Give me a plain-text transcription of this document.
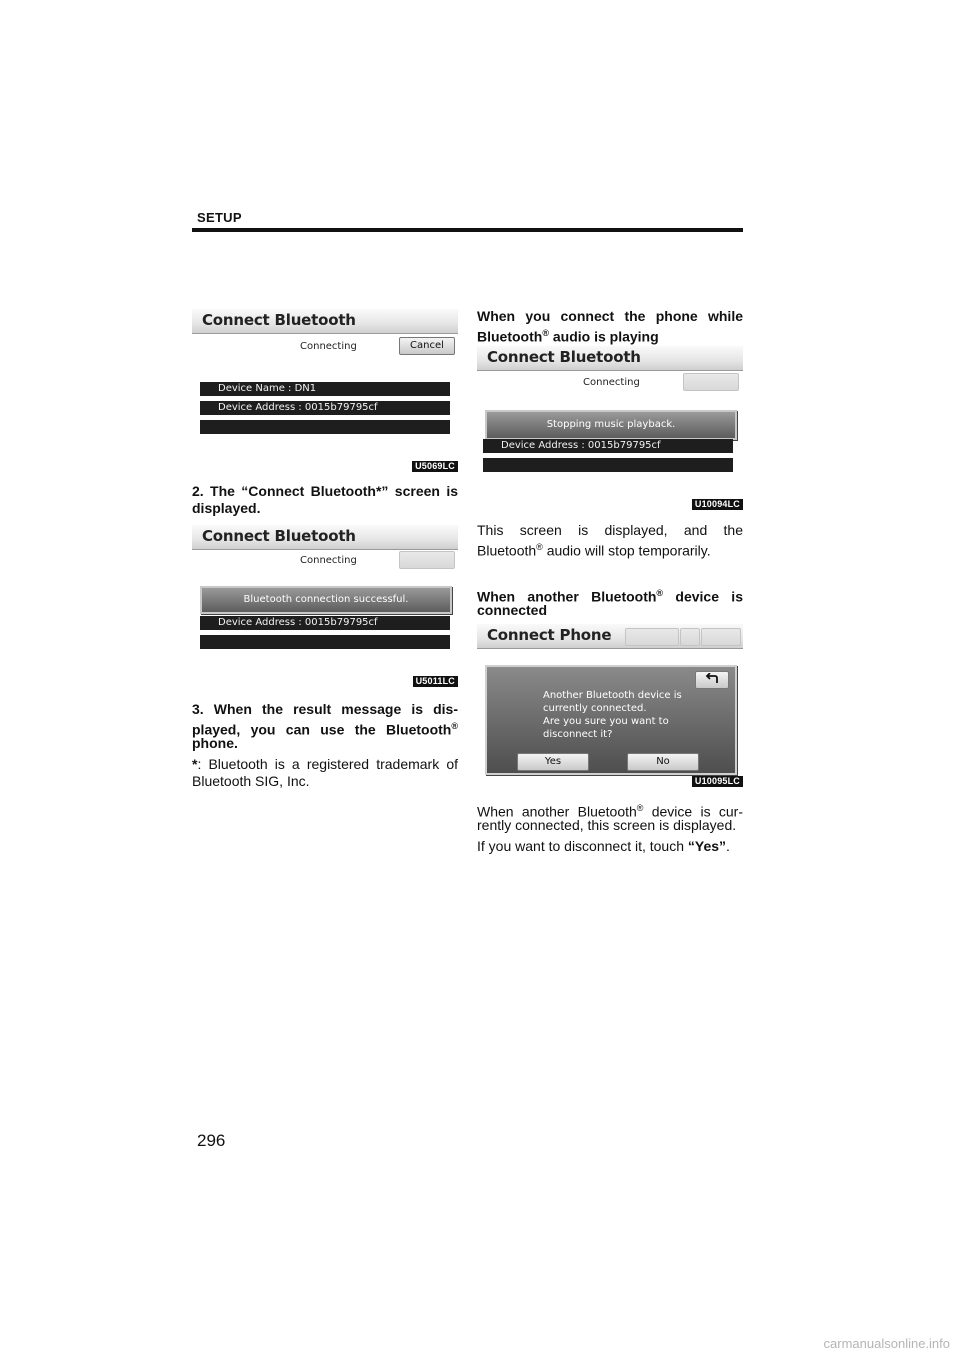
SETUP
Connect Bluetooth
Connecting	Cancel
Device Name : DN1
Device Address : 0015b79795cf
U5069LC
2. The “Connect Bluetooth*” screen is
displayed.
Connect Bluetooth
Connecting
Bluetooth connection successful.
Device Address : 0015b79795cf
U5011LC
3. When the result message is dis-
played, you can use the Bluetooth®
phone.
*: Bluetooth is a registered trademark of
Bluetooth SIG, Inc.
When you connect the phone while
Bluetooth® audio is playing
Connect Bluetooth
Connecting
Stopping music playback.
Device Address : 0015b79795cf
U10094LC
This screen is displayed, and the
Bluetooth® audio will stop temporarily.
When another Bluetooth® device is
connected
Connect Phone
Another Bluetooth device is
currently connected.
Are you sure you want to
disconnect it?
Yes	No
U10095LC
When another Bluetooth® device is cur-
rently connected, this screen is displayed.
If you want to disconnect it, touch “Yes”.
296
carmanualsonline.info
